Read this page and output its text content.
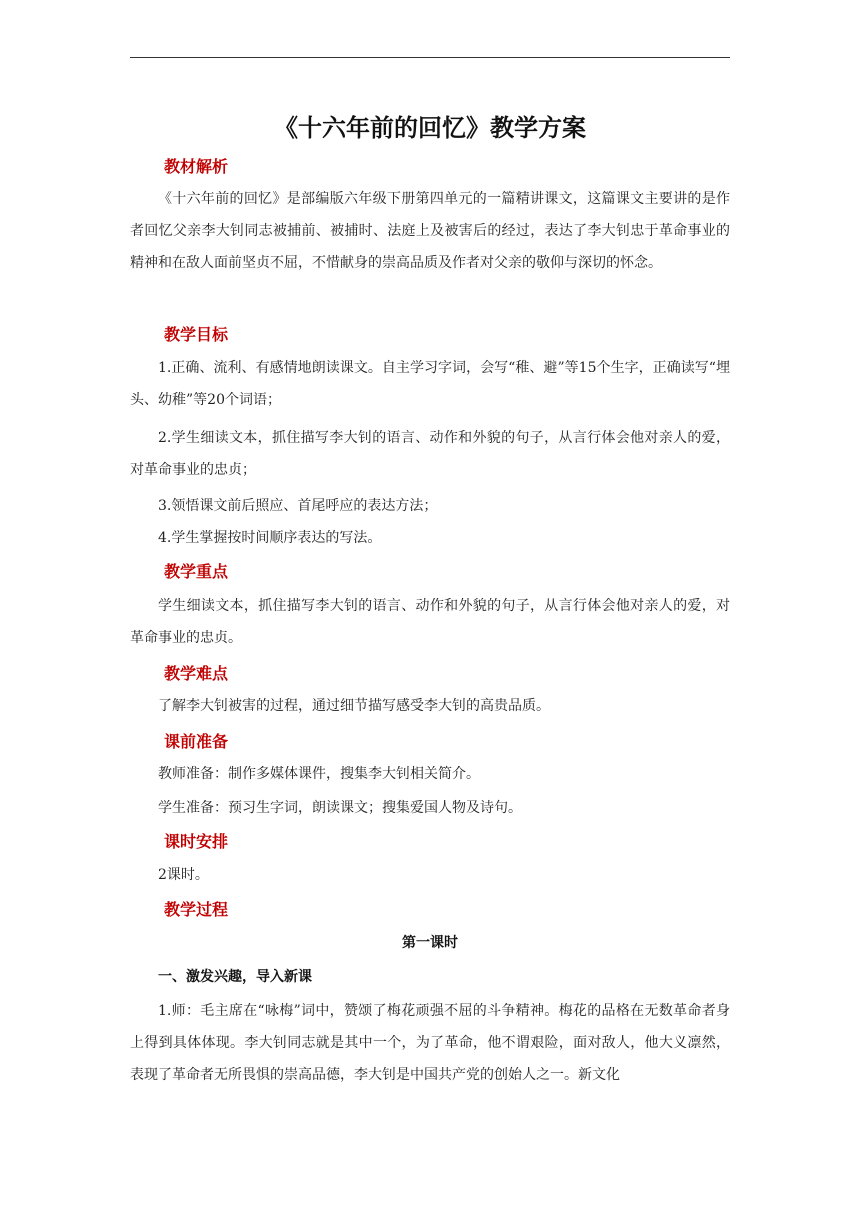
《十六年前的回忆》教学方案
教材解析

《十六年前的回忆》是部编版六年级下册第四单元的一篇精讲课文，这篇课文主要讲的是作者回忆父亲李大钊同志被捕前、被捕时、法庭上及被害后的经过，表达了李大钊忠于革命事业的精神和在敌人面前坚贞不屈，不惜献身的崇高品质及作者对父亲的敬仰与深切的怀念。

教学目标

1.正确、流利、有感情地朗读课文。自主学习字词，会写“稚、避”等15个生字，正确读写“埋头、幼稚”等20个词语；

2.学生细读文本，抓住描写李大钊的语言、动作和外貌的句子，从言行体会他对亲人的爱，对革命事业的忠贞；

3.领悟课文前后照应、首尾呼应的表达方法；

4.学生掌握按时间顺序表达的写法。

教学重点

学生细读文本，抓住描写李大钊的语言、动作和外貌的句子，从言行体会他对亲人的爱，对革命事业的忠贞。

教学难点

了解李大钊被害的过程，通过细节描写感受李大钊的高贵品质。

课前准备

教师准备：制作多媒体课件，搜集李大钊相关简介。

学生准备：预习生字词，朗读课文；搜集爱国人物及诗句。

课时安排

2课时。

教学过程
第一课时
一、激发兴趣，导入新课

1.师：毛主席在“咏梅”词中，赞颂了梅花顽强不屈的斗争精神。梅花的品格在无数革命者身上得到具体体现。李大钊同志就是其中一个，为了革命，他不谓艰险，面对敌人，他大义凛然，表现了革命者无所畏惧的崇高品德，李大钊是中国共产党的创始人之一。新文化
